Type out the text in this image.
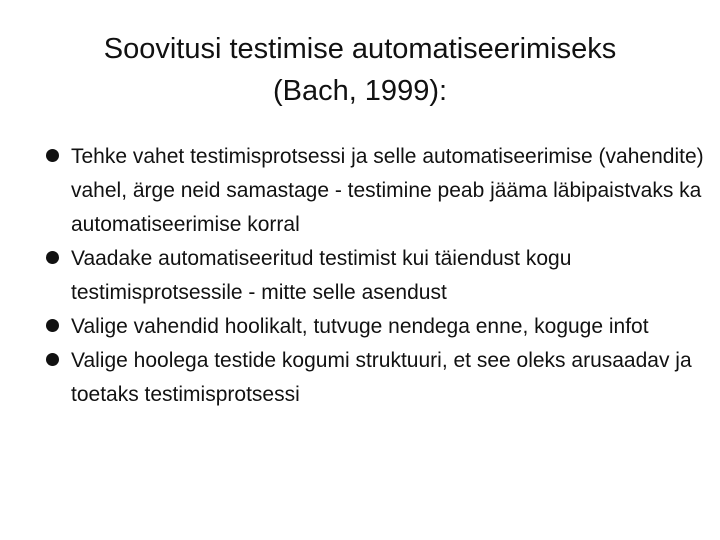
Soovitusi testimise automatiseerimiseks
(Bach, 1999):
Tehke vahet testimisprotsessi ja selle automatiseerimise (vahendite) vahel, ärge neid samastage - testimine peab jääma läbipaistvaks ka automatiseerimise korral
Vaadake automatiseeritud testimist kui täiendust kogu testimisprotsessile - mitte selle asendust
Valige vahendid hoolikalt, tutvuge nendega enne, koguge infot
Valige hoolega testide kogumi struktuuri, et see oleks arusaadav ja toetaks testimisprotsessi
